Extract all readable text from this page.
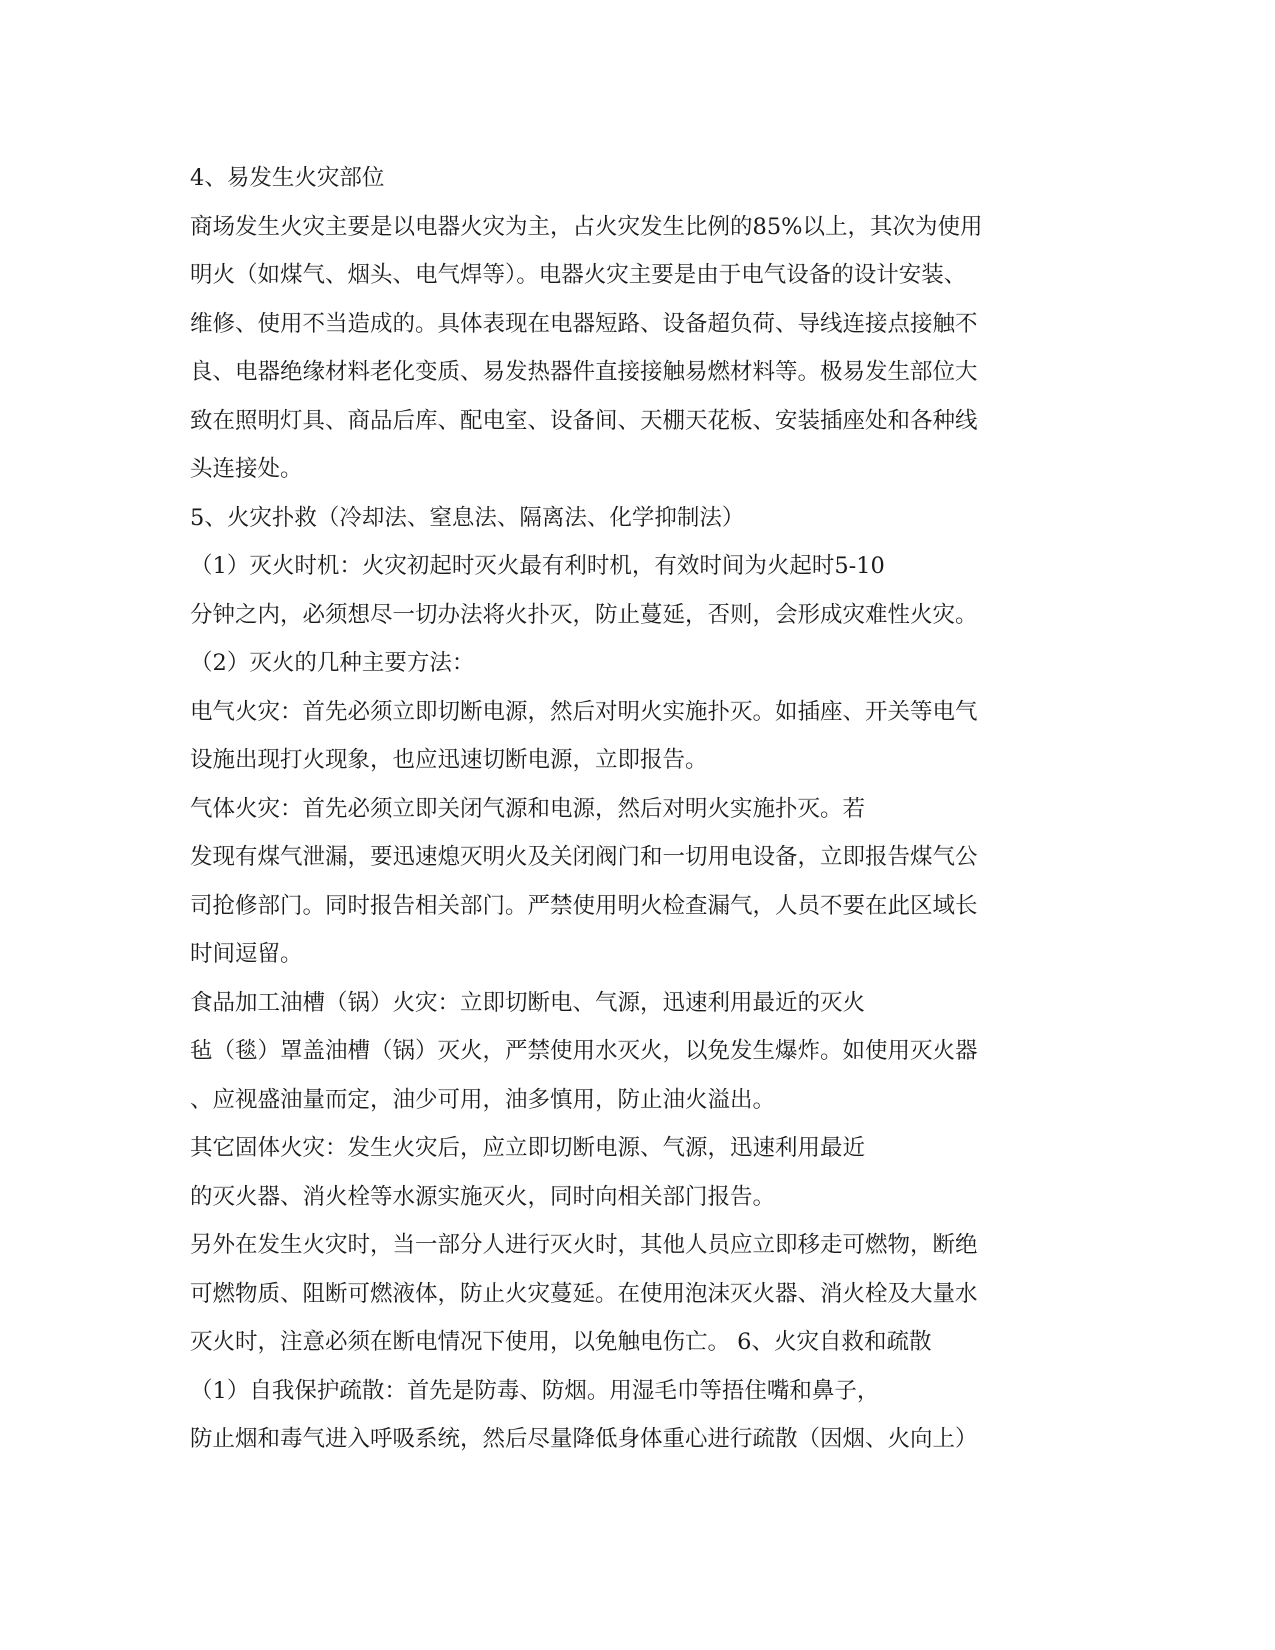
4、易发生火灾部位
商场发生火灾主要是以电器火灾为主，占火灾发生比例的85%以上，其次为使用
明火（如煤气、烟头、电气焊等）。电器火灾主要是由于电气设备的设计安装、
维修、使用不当造成的。具体表现在电器短路、设备超负荷、导线连接点接触不
良、电器绝缘材料老化变质、易发热器件直接接触易燃材料等。极易发生部位大
致在照明灯具、商品后库、配电室、设备间、天棚天花板、安装插座处和各种线
头连接处。
5、火灾扑救（冷却法、窒息法、隔离法、化学抑制法）
（1）灭火时机：火灾初起时灭火最有利时机，有效时间为火起时5-10
分钟之内，必须想尽一切办法将火扑灭，防止蔓延，否则，会形成灾难性火灾。
（2）灭火的几种主要方法：
电气火灾：首先必须立即切断电源，然后对明火实施扑灭。如插座、开关等电气
设施出现打火现象，也应迅速切断电源，立即报告。
气体火灾：首先必须立即关闭气源和电源，然后对明火实施扑灭。若
发现有煤气泄漏，要迅速熄灭明火及关闭阀门和一切用电设备，立即报告煤气公
司抢修部门。同时报告相关部门。严禁使用明火检查漏气，人员不要在此区域长
时间逗留。
食品加工油槽（锅）火灾：立即切断电、气源，迅速利用最近的灭火
毡（毯）罩盖油槽（锅）灭火，严禁使用水灭火，以免发生爆炸。如使用灭火器
、应视盛油量而定，油少可用，油多慎用，防止油火溢出。
其它固体火灾：发生火灾后，应立即切断电源、气源，迅速利用最近
的灭火器、消火栓等水源实施灭火，同时向相关部门报告。
另外在发生火灾时，当一部分人进行灭火时，其他人员应立即移走可燃物，断绝
可燃物质、阻断可燃液体，防止火灾蔓延。在使用泡沫灭火器、消火栓及大量水
灭火时，注意必须在断电情况下使用，以免触电伤亡。 6、火灾自救和疏散
（1）自我保护疏散：首先是防毒、防烟。用湿毛巾等捂住嘴和鼻子，
防止烟和毒气进入呼吸系统，然后尽量降低身体重心进行疏散（因烟、火向上）
